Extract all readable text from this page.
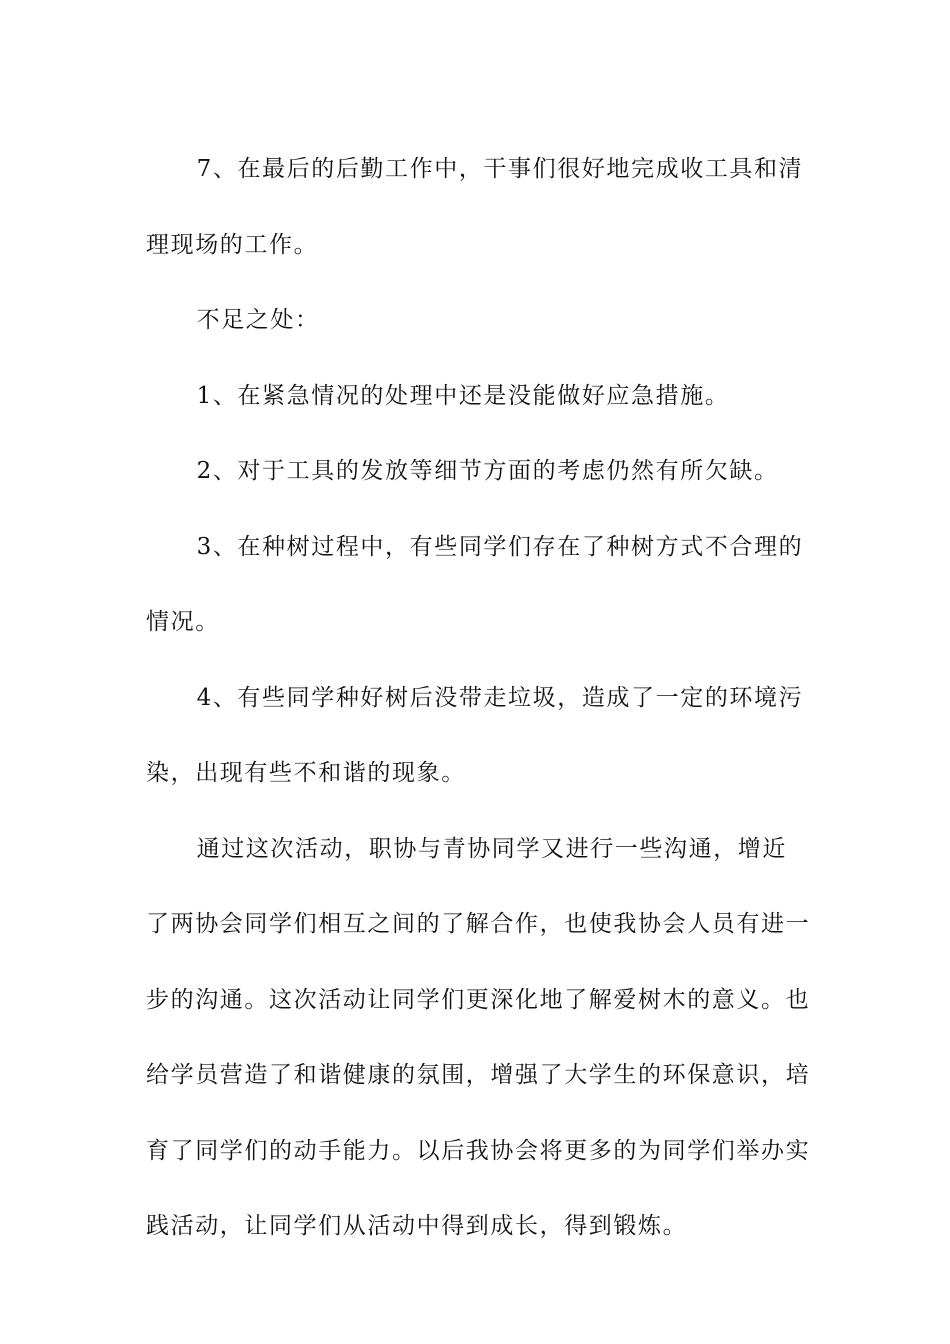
7、在最后的后勤工作中，干事们很好地完成收工具和清理现场的工作。

不足之处：

1、在紧急情况的处理中还是没能做好应急措施。

2、对于工具的发放等细节方面的考虑仍然有所欠缺。

3、在种树过程中，有些同学们存在了种树方式不合理的情况。

4、有些同学种好树后没带走垃圾，造成了一定的环境污染，出现有些不和谐的现象。

通过这次活动，职协与青协同学又进行一些沟通，增近了两协会同学们相互之间的了解合作，也使我协会人员有进一步的沟通。这次活动让同学们更深化地了解爱树木的意义。也给学员营造了和谐健康的氛围，增强了大学生的环保意识，培育了同学们的动手能力。以后我协会将更多的为同学们举办实践活动，让同学们从活动中得到成长，得到锻炼。
